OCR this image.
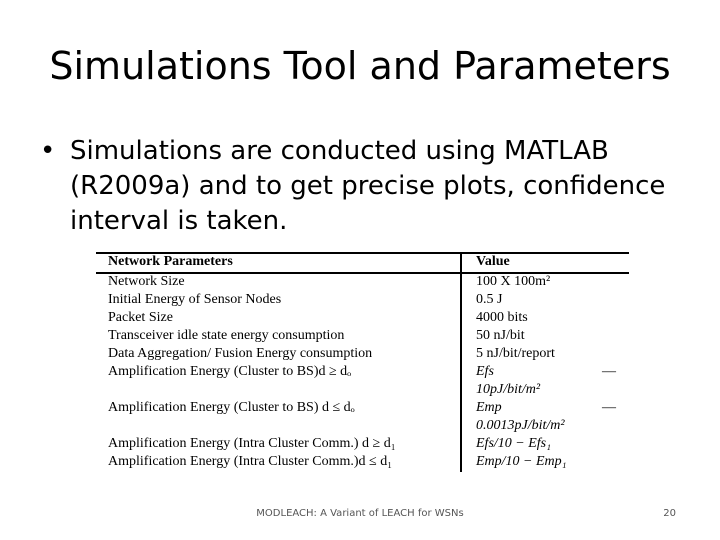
Simulations Tool and Parameters
• Simulations are conducted using MATLAB (R2009a) and to get precise plots, confidence interval is taken.
Network Parameters	Value
Network Size	100 X 100m²
Initial Energy of Sensor Nodes	0.5 J
Packet Size	4000 bits
Transceiver idle state energy consumption	50 nJ/bit
Data Aggregation/ Fusion Energy consumption	5 nJ/bit/report
Amplification Energy (Cluster to BS)d ≥ dₒ	Efs	—
10pJ/bit/m²
Amplification Energy (Cluster to BS) d ≤ dₒ	Emp	—
0.0013pJ/bit/m²
Amplification Energy (Intra Cluster Comm.) d ≥ d₁	Efs/10 − Efs₁
Amplification Energy (Intra Cluster Comm.)d ≤ d₁	Emp/10 − Emp₁
MODLEACH: A Variant of LEACH for WSNs	20
